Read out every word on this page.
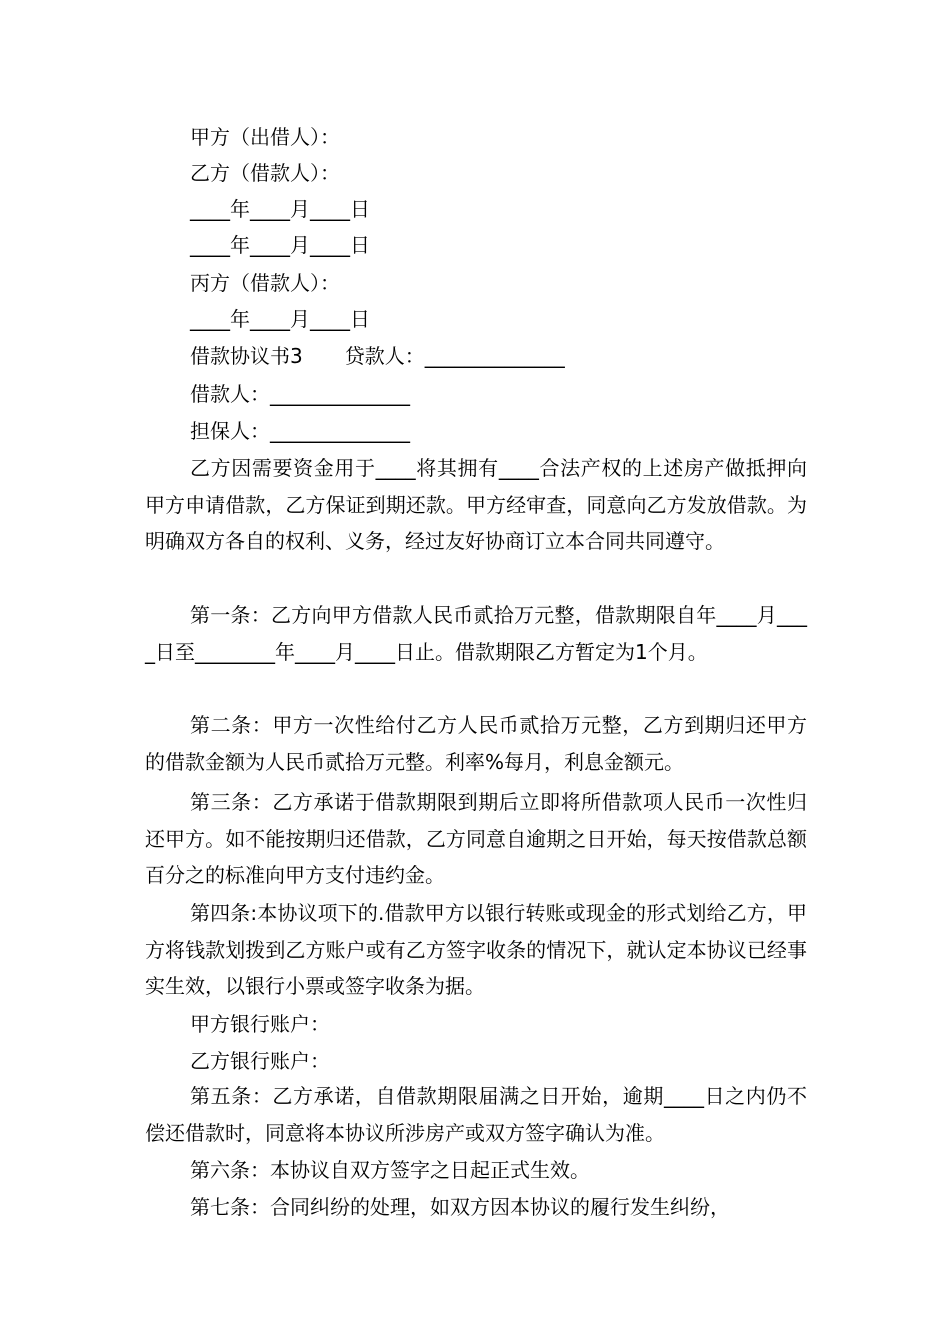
甲方（出借人）：
乙方（借款人）：
____年____月____日
____年____月____日
丙方（借款人）：
____年____月____日
借款协议书3 贷款人：______________
借款人：______________
担保人：______________
乙方因需要资金用于____将其拥有____合法产权的上述房产做抵押向甲方申请借款，乙方保证到期还款。甲方经审查，同意向乙方发放借款。为明确双方各自的权利、义务，经过友好协商订立本合同共同遵守。
第一条：乙方向甲方借款人民币贰拾万元整，借款期限自年____月____日至________年____月____日止。借款期限乙方暂定为1个月。
第二条：甲方一次性给付乙方人民币贰拾万元整，乙方到期归还甲方的借款金额为人民币贰拾万元整。利率%每月，利息金额元。
第三条：乙方承诺于借款期限到期后立即将所借款项人民币一次性归还甲方。如不能按期归还借款，乙方同意自逾期之日开始，每天按借款总额百分之的标准向甲方支付违约金。
第四条:本协议项下的.借款甲方以银行转账或现金的形式划给乙方，甲方将钱款划拨到乙方账户或有乙方签字收条的情况下，就认定本协议已经事实生效，以银行小票或签字收条为据。
甲方银行账户：
乙方银行账户：
第五条：乙方承诺，自借款期限届满之日开始，逾期____日之内仍不偿还借款时，同意将本协议所涉房产或双方签字确认为准。
第六条：本协议自双方签字之日起正式生效。
第七条：合同纠纷的处理，如双方因本协议的履行发生纠纷，
